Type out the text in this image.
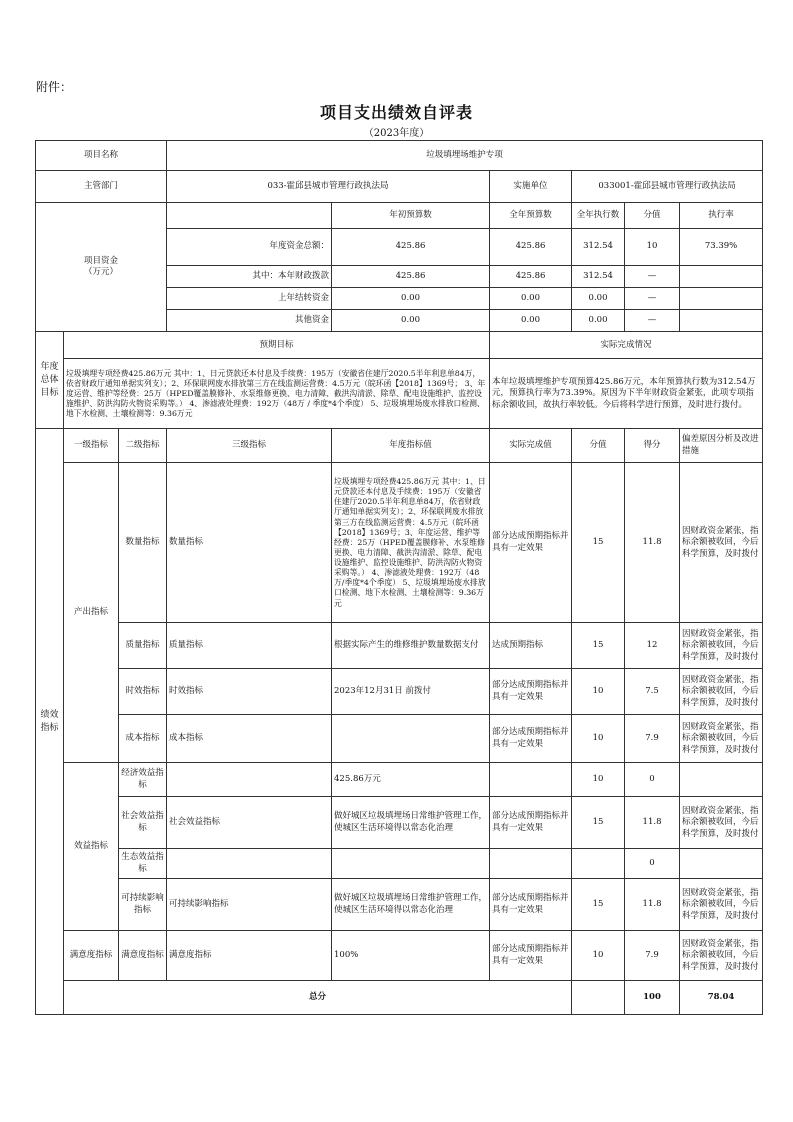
附件：
项目支出绩效自评表
（2023年度）
项目名称			垃圾填埋场维护专项						
主管部门			033-霍邱县城市管理行政执法局		实施单位	033001-霍邱县城市管理行政执法局			
项目资金
（万元）				年初预算数	全年预算数	全年执行数	分值	执行率	
			年度资金总额：	425.86	425.86	312.54	10	73.39%	
			其中：本年财政拨款	425.86	425.86	312.54	—		
			上年结转资金	0.00	0.00	0.00	—		
			其他资金	0.00	0.00	0.00	—		
年度总体目标	预期目标				实际完成情况				
	垃圾填埋专项经费425.86万元 其中：1、日元贷款还本付息及手续费：195万（安徽省住建厅2020.5半年利息单84万，依省财政厅通知单据实列支）；2、环保联网废水排放第三方在线监测运营费：4.5万元（皖环函【2018】1369号； 3、年度运营、维护等经费：25万（HPED覆盖膜修补、水泵维修更换、电力清障、截洪沟清淤、除草、配电设施维护、监控设施维护、防洪沟防火物资采购等。） 4、渗滤液处理费：192万（48万 / 季度*4个季度） 5、垃圾填埋场废水排放口检测、地下水检测、土壤检测等：9.36万元				本年垃圾填埋维护专项预算425.86万元，本年预算执行数为312.54万元，预算执行率为73.39%。原因为下半年财政资金紧张，此项专项指标余额收回，故执行率较低。今后将科学进行预算，及时进行拨付。				
绩效指标	一级指标	二级指标	三级指标	年度指标值	实际完成值	分值	得分	偏差原因分析及改进措施	
	产出指标	数量指标	数量指标	垃圾填埋专项经费425.86万元 其中：1、日元贷款还本付息及手续费：195万（安徽省住建厅2020.5半年利息单84万，依省财政厅通知单据实列支）；2、环保联网废水排放第三方在线监测运营费：4.5万元（皖环函【2018】1369号；3、年度运营、维护等经费：25万（HPED覆盖膜修补、水泵维修更换、电力清障、截洪沟清淤、除草、配电设施维护、监控设施维护、防洪沟防火物资采购等。） 4、渗滤液处理费：192万（48万/季度*4个季度） 5、垃圾填埋场废水排放口检测、地下水检测、土壤检测等：9.36万元	部分达成预期指标并具有一定效果	15	11.8	因财政资金紧张，指标余额被收回，今后科学预算，及时拨付	
		质量指标	质量指标	根据实际产生的维修维护数量数据支付	达成预期指标	15	12	因财政资金紧张，指标余额被收回，今后科学预算，及时拨付	
		时效指标	时效指标	2023年12月31日 前拨付	部分达成预期指标并具有一定效果	10	7.5	因财政资金紧张，指标余额被收回，今后科学预算，及时拨付	
		成本指标	成本指标		部分达成预期指标并具有一定效果	10	7.9	因财政资金紧张，指标余额被收回，今后科学预算，及时拨付	
	效益指标	经济效益指标		425.86万元		10	0		
		社会效益指标	社会效益指标	做好城区垃圾填埋场日常维护管理工作，使城区生活环境得以常态化治理	部分达成预期指标并具有一定效果	15	11.8	因财政资金紧张，指标余额被收回，今后科学预算，及时拨付	
		生态效益指标					0		
		可持续影响指标	可持续影响指标	做好城区垃圾填埋场日常维护管理工作，使城区生活环境得以常态化治理	部分达成预期指标并具有一定效果	15	11.8	因财政资金紧张，指标余额被收回，今后科学预算，及时拨付	
	满意度指标	满意度指标	满意度指标	100%	部分达成预期指标并具有一定效果	10	7.9	因财政资金紧张，指标余额被收回，今后科学预算，及时拨付	
	总分						100	78.04	
